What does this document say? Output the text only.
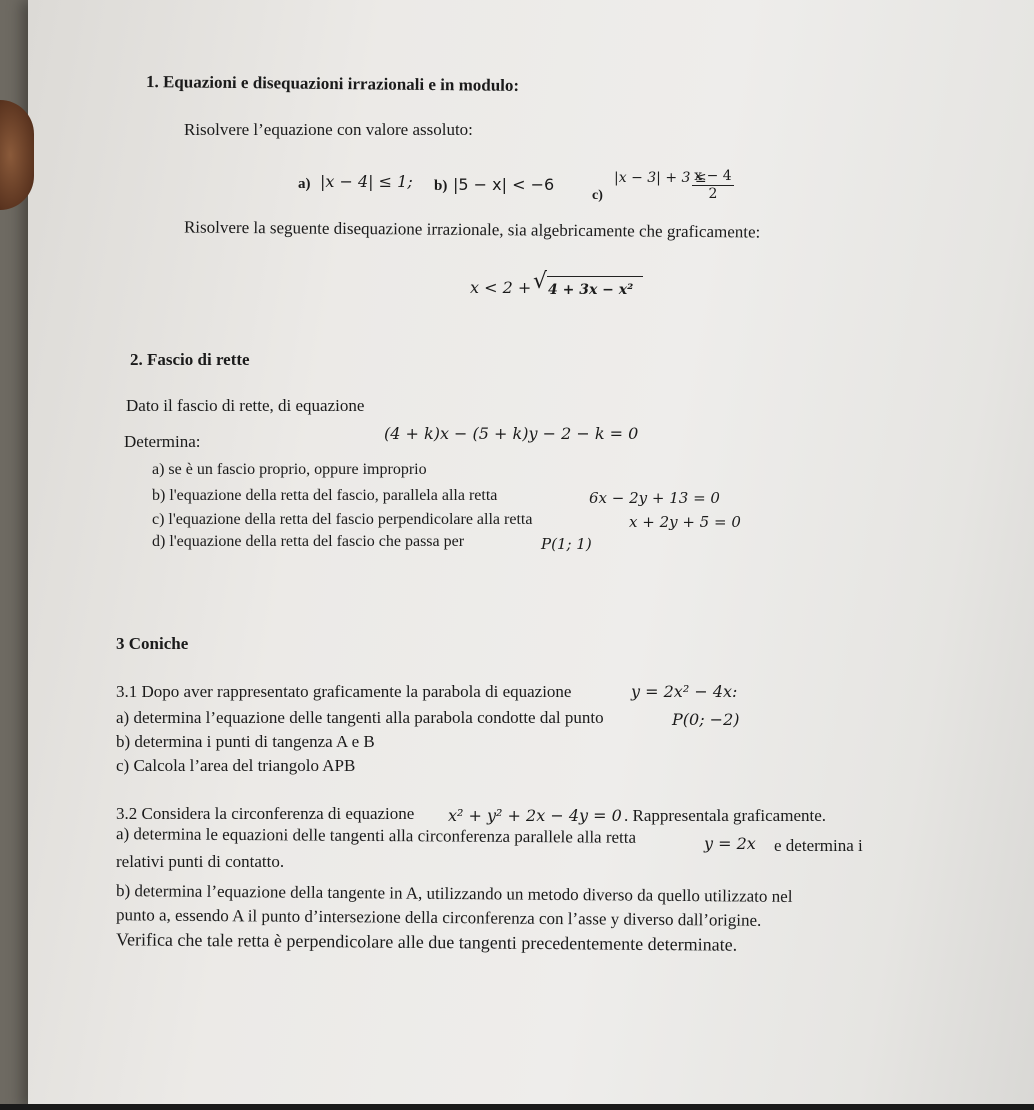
1. Equazioni e disequazioni irrazionali e in modulo:
Risolvere l’equazione con valore assoluto:
a) |x − 4| ≤ 1; b) |5 − x| < −6
c)
|x − 3| + 3 ≤
$\frac{x - 4}{2}$
Risolvere la seguente disequazione irrazionale, sia algebricamente che graficamente:
x < 2 + √ 4 + 3x − x²
2. Fascio di rette
Dato il fascio di rette, di equazione
(4 + k)x − (5 + k)y − 2 − k = 0
Determina:
a) se è un fascio proprio, oppure improprio
b) l'equazione della retta del fascio, parallela alla retta	6x − 2y + 13 = 0
c) l'equazione della retta del fascio perpendicolare alla retta	x + 2y + 5 = 0
d) l'equazione della retta del fascio che passa per	P(1; 1)
3 Coniche
3.1 Dopo aver rappresentato graficamente la parabola di equazione	y = 2x² − 4x:
a) determina l’equazione delle tangenti alla parabola condotte dal punto	P(0; −2)
b) determina i punti di tangenza A e B
c) Calcola l’area del triangolo APB
3.2 Considera la circonferenza di equazione x² + y² + 2x − 4y = 0 . Rappresentala graficamente.
a) determina le equazioni delle tangenti alla circonferenza parallele alla retta	y = 2x e determina i
relativi punti di contatto.
b) determina l’equazione della tangente in A, utilizzando un metodo diverso da quello utilizzato nel
punto a, essendo A il punto d’intersezione della circonferenza con l’asse y diverso dall’origine.
Verifica che tale retta è perpendicolare alle due tangenti precedentemente determinate.
